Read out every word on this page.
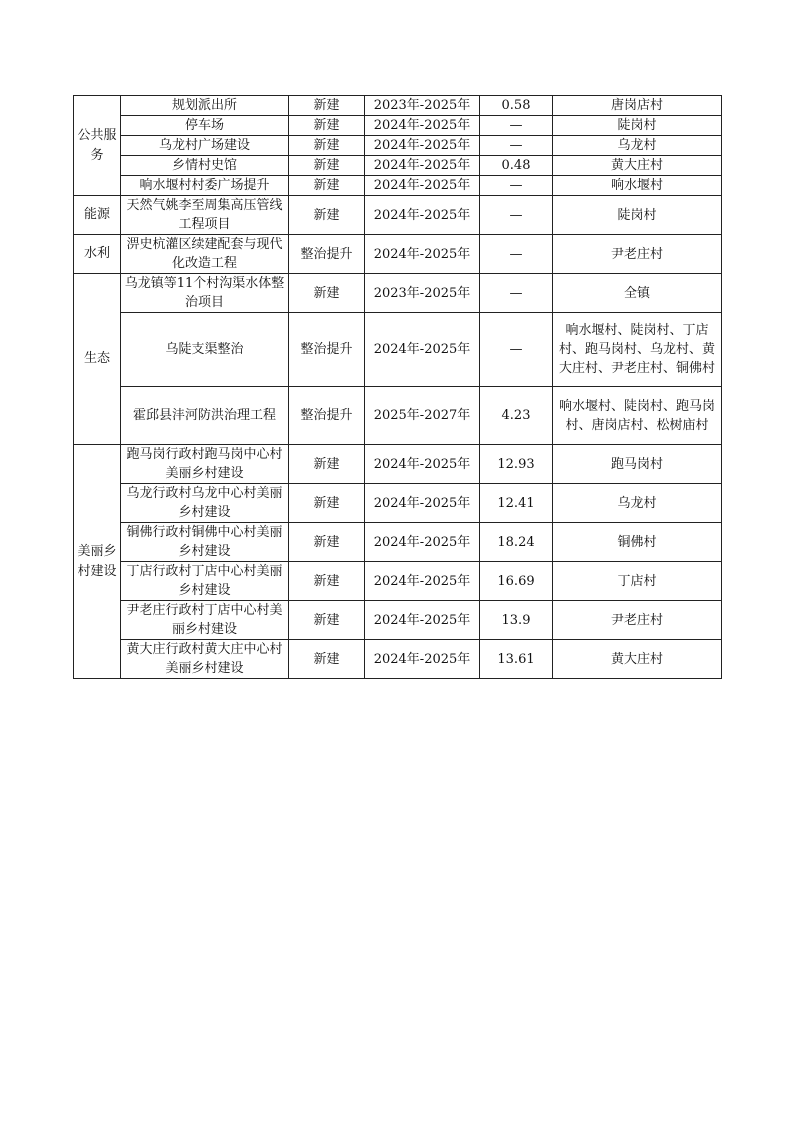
公共服务	规划派出所	新建	2023年-2025年	0.58	唐岗店村
	停车场	新建	2024年-2025年	—	陡岗村
	乌龙村广场建设	新建	2024年-2025年	—	乌龙村
	乡情村史馆	新建	2024年-2025年	0.48	黄大庄村
	响水堰村村委广场提升	新建	2024年-2025年	—	响水堰村
能源	天然气姚李至周集高压管线工程项目	新建	2024年-2025年	—	陡岗村
水利	淠史杭灌区续建配套与现代化改造工程	整治提升	2024年-2025年	—	尹老庄村
生态	乌龙镇等11个村沟渠水体整治项目	新建	2023年-2025年	—	全镇
	乌陡支渠整治	整治提升	2024年-2025年	—	响水堰村、陡岗村、丁店村、跑马岗村、乌龙村、黄大庄村、尹老庄村、铜佛村
	霍邱县沣河防洪治理工程	整治提升	2025年-2027年	4.23	响水堰村、陡岗村、跑马岗村、唐岗店村、松树庙村
美丽乡村建设	跑马岗行政村跑马岗中心村美丽乡村建设	新建	2024年-2025年	12.93	跑马岗村
	乌龙行政村乌龙中心村美丽乡村建设	新建	2024年-2025年	12.41	乌龙村
	铜佛行政村铜佛中心村美丽乡村建设	新建	2024年-2025年	18.24	铜佛村
	丁店行政村丁店中心村美丽乡村建设	新建	2024年-2025年	16.69	丁店村
	尹老庄行政村丁店中心村美丽乡村建设	新建	2024年-2025年	13.9	尹老庄村
	黄大庄行政村黄大庄中心村美丽乡村建设	新建	2024年-2025年	13.61	黄大庄村
